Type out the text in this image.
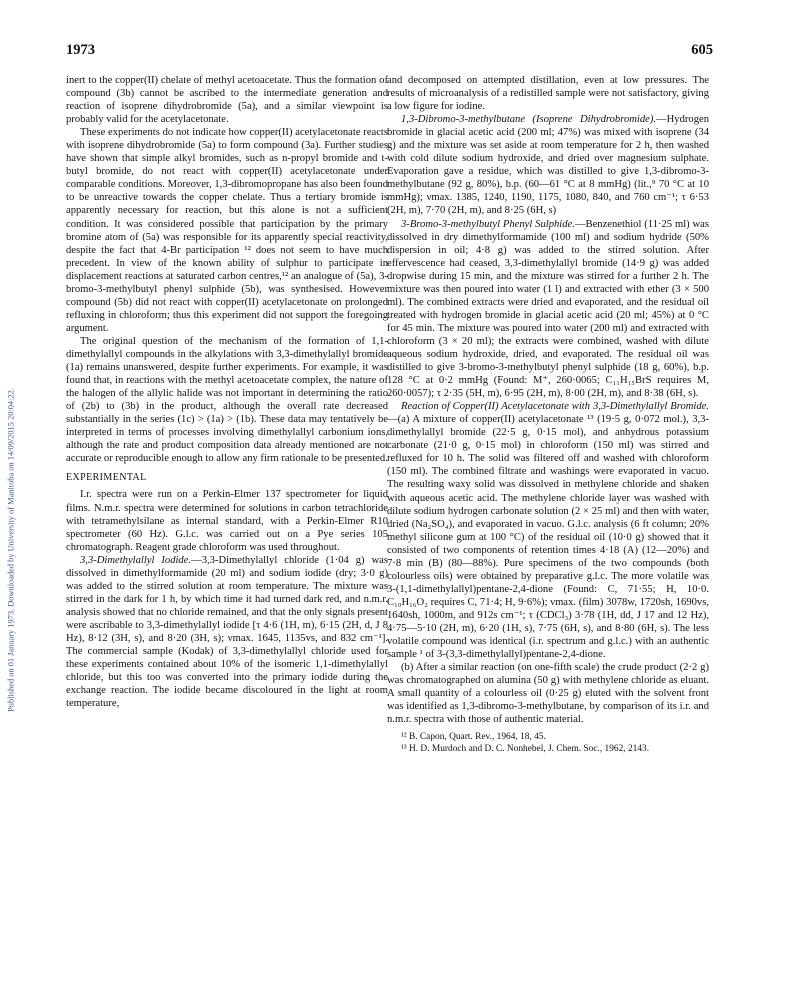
1973	605
Published on 01 January 1973. Downloaded by University of Manitoba on 14/09/2015 20:04:22.

inert to the copper(II) chelate of methyl acetoacetate. Thus the formation of compound (3b) cannot be ascribed to the intermediate generation and reaction of isoprene dihydrobromide (5a), and a similar viewpoint is probably valid for the acetylacetonate.

These experiments do not indicate how copper(II) acetylacetonate reacts with isoprene dihydrobromide (5a) to form compound (3a). Further studies have shown that simple alkyl bromides, such as n-propyl bromide and t-butyl bromide, do not react with copper(II) acetylacetonate under comparable conditions. Moreover, 1,3-dibromopropane has also been found to be unreactive towards the copper chelate. Thus a tertiary bromide is apparently necessary for reaction, but this alone is not a sufficient condition. It was considered possible that participation by the primary bromine atom of (5a) was responsible for its apparently special reactivity, despite the fact that 4-Br participation ¹² does not seem to have much precedent. In view of the known ability of sulphur to participate in displacement reactions at saturated carbon centres,¹² an analogue of (5a), 3-bromo-3-methylbutyl phenyl sulphide (5b), was synthesised. However compound (5b) did not react with copper(II) acetylacetonate on prolonged refluxing in chloroform; thus this experiment did not support the foregoing argument.

The original question of the mechanism of the formation of 1,1-dimethylallyl compounds in the alkylations with 3,3-dimethylallyl bromide (1a) remains unanswered, despite further experiments. For example, it was found that, in reactions with the methyl acetoacetate complex, the nature of the halogen of the allylic halide was not important in determining the ratio of (2b) to (3b) in the product, although the overall rate decreased substantially in the series (1c) > (1a) > (1b). These data may tentatively be interpreted in terms of processes involving dimethylallyl carbonium ions, although the rate and product composition data already mentioned are not accurate or reproducible enough to allow any firm rationale to be presented.

EXPERIMENTAL

I.r. spectra were run on a Perkin-Elmer 137 spectrometer for liquid films. N.m.r. spectra were determined for solutions in carbon tetrachloride with tetramethylsilane as internal standard, with a Perkin-Elmer R10 spectrometer (60 Hz). G.l.c. was carried out on a Pye series 105 chromatograph. Reagent grade chloroform was used throughout.

3,3-Dimethylallyl Iodide.—3,3-Dimethylallyl chloride (1·04 g) was dissolved in dimethylformamide (20 ml) and sodium iodide (dry; 3·0 g) was added to the stirred solution at room temperature. The mixture was stirred in the dark for 1 h, by which time it had turned dark red, and n.m.r. analysis showed that no chloride remained, and that the only signals present were ascribable to 3,3-dimethylallyl iodide [τ 4·6 (1H, m), 6·15 (2H, d, J 8 Hz), 8·12 (3H, s), and 8·20 (3H, s); νmax. 1645, 1135vs, and 832 cm⁻¹]. The commercial sample (Kodak) of 3,3-dimethylallyl chloride used for these experiments contained about 10% of the isomeric 1,1-dimethylallyl chloride, but this too was converted into the primary iodide during the exchange reaction. The iodide became discoloured in the light at room temperature,

and decomposed on attempted distillation, even at low pressures. The results of microanalysis of a redistilled sample were not satisfactory, giving a low figure for iodine.

1,3-Dibromo-3-methylbutane (Isoprene Dihydrobromide).—Hydrogen bromide in glacial acetic acid (200 ml; 47%) was mixed with isoprene (34 g) and the mixture was set aside at room temperature for 2 h, then washed with cold dilute sodium hydroxide, and dried over magnesium sulphate. Evaporation gave a residue, which was distilled to give 1,3-dibromo-3-methylbutane (92 g, 80%), b.p. (60—61 °C at 8 mmHg) (lit.,⁹ 70 °C at 10 mmHg); νmax. 1385, 1240, 1190, 1175, 1080, 840, and 760 cm⁻¹; τ 6·53 (2H, m), 7·70 (2H, m), and 8·25 (6H, s)

3-Bromo-3-methylbutyl Phenyl Sulphide.—Benzenethiol (11·25 ml) was dissolved in dry dimethylformamide (100 ml) and sodium hydride (50% dispersion in oil; 4·8 g) was added to the stirred solution. After effervescence had ceased, 3,3-dimethylallyl bromide (14·9 g) was added dropwise during 15 min, and the mixture was stirred for a further 2 h. The mixture was then poured into water (1 l) and extracted with ether (3 × 500 ml). The combined extracts were dried and evaporated, and the residual oil treated with hydrogen bromide in glacial acetic acid (20 ml; 45%) at 0 °C for 45 min. The mixture was poured into water (200 ml) and extracted with chloroform (3 × 20 ml); the extracts were combined, washed with dilute aqueous sodium hydroxide, dried, and evaporated. The residual oil was distilled to give 3-bromo-3-methylbutyl phenyl sulphide (18 g, 60%), b.p. 128 °C at 0·2 mmHg (Found: M⁺, 260·0065; C₁₁H₁₅BrS requires M, 260·0057); τ 2·35 (5H, m), 6·95 (2H, m), 8·00 (2H, m), and 8·38 (6H, s).

Reaction of Copper(II) Acetylacetonate with 3,3-Dimethylallyl Bromide.—(a) A mixture of copper(II) acetylacetonate ¹³ (19·5 g, 0·072 mol.), 3,3-dimethylallyl bromide (22·5 g, 0·15 mol), and anhydrous potassium carbonate (21·0 g, 0·15 mol) in chloroform (150 ml) was stirred and refluxed for 10 h. The solid was filtered off and washed with chloroform (150 ml). The combined filtrate and washings were evaporated in vacuo. The resulting waxy solid was dissolved in methylene chloride and shaken with aqueous acetic acid. The methylene chloride layer was washed with dilute sodium hydrogen carbonate solution (2 × 25 ml) and then with water, dried (Na₂SO₄), and evaporated in vacuo. G.l.c. analysis (6 ft column; 20% methyl silicone gum at 100 °C) of the residual oil (10·0 g) showed that it consisted of two components of retention times 4·18 (A) (12—20%) and 7·8 min (B) (80—88%). Pure specimens of the two compounds (both colourless oils) were obtained by preparative g.l.c. The more volatile was 3-(1,1-dimethylallyl)pentane-2,4-dione (Found: C, 71·55; H, 10·0. C₁₀H₁₆O₂ requires C, 71·4; H, 9·6%); νmax. (film) 3078w, 1720sh, 1690vs, 1640sh, 1000m, and 912s cm⁻¹; τ (CDCl₃) 3·78 (1H, dd, J 17 and 12 Hz), 4·75—5·10 (2H, m), 6·20 (1H, s), 7·75 (6H, s), and 8·80 (6H, s). The less volatile compound was identical (i.r. spectrum and g.l.c.) with an authentic sample ¹ of 3-(3,3-dimethylallyl)pentane-2,4-dione.

(b) After a similar reaction (on one-fifth scale) the crude product (2·2 g) was chromatographed on alumina (50 g) with methylene chloride as eluant. A small quantity of a colourless oil (0·25 g) eluted with the solvent front was identified as 1,3-dibromo-3-methylbutane, by comparison of its i.r. and n.m.r. spectra with those of authentic material.

¹² B. Capon, Quart. Rev., 1964, 18, 45.
¹³ H. D. Murdoch and D. C. Nonhebel, J. Chem. Soc., 1962, 2143.
